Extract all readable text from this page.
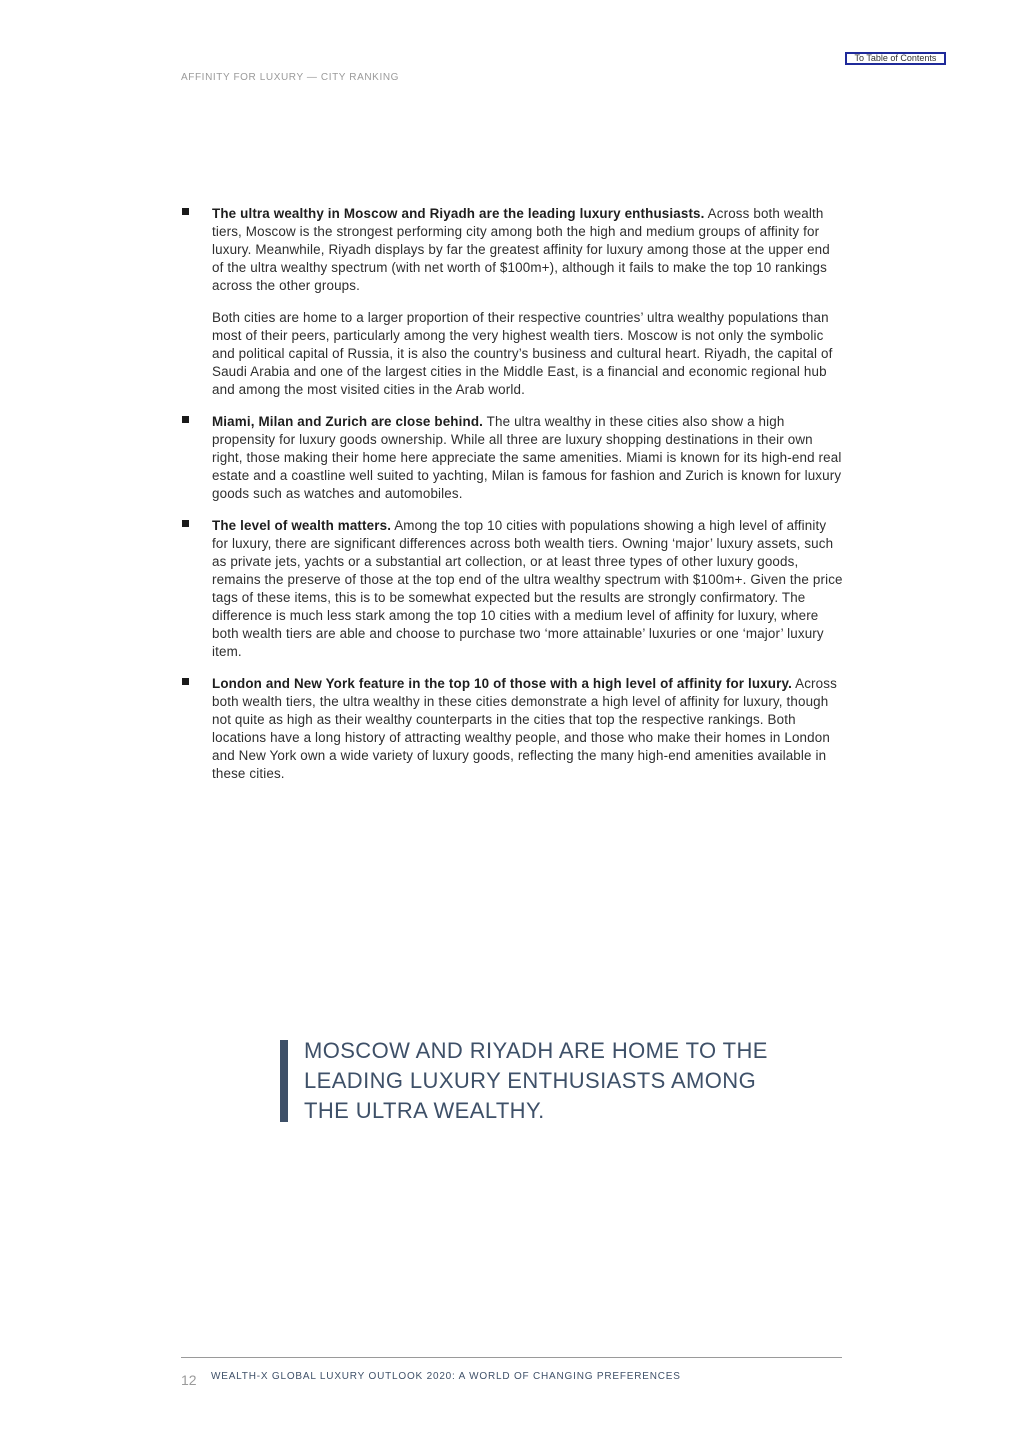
To Table of Contents
AFFINITY FOR LUXURY — CITY RANKING

The ultra wealthy in Moscow and Riyadh are the leading luxury enthusiasts. Across both wealth tiers, Moscow is the strongest performing city among both the high and medium groups of affinity for luxury. Meanwhile, Riyadh displays by far the greatest affinity for luxury among those at the upper end of the ultra wealthy spectrum (with net worth of $100m+), although it fails to make the top 10 rankings across the other groups.

Both cities are home to a larger proportion of their respective countries’ ultra wealthy populations than most of their peers, particularly among the very highest wealth tiers. Moscow is not only the symbolic and political capital of Russia, it is also the country’s business and cultural heart. Riyadh, the capital of Saudi Arabia and one of the largest cities in the Middle East, is a financial and economic regional hub and among the most visited cities in the Arab world.

Miami, Milan and Zurich are close behind. The ultra wealthy in these cities also show a high propensity for luxury goods ownership. While all three are luxury shopping destinations in their own right, those making their home here appreciate the same amenities. Miami is known for its high-end real estate and a coastline well suited to yachting, Milan is famous for fashion and Zurich is known for luxury goods such as watches and automobiles.

The level of wealth matters. Among the top 10 cities with populations showing a high level of affinity for luxury, there are significant differences across both wealth tiers. Owning ‘major’ luxury assets, such as private jets, yachts or a substantial art collection, or at least three types of other luxury goods, remains the preserve of those at the top end of the ultra wealthy spectrum with $100m+. Given the price tags of these items, this is to be somewhat expected but the results are strongly confirmatory. The difference is much less stark among the top 10 cities with a medium level of affinity for luxury, where both wealth tiers are able and choose to purchase two ‘more attainable’ luxuries or one ‘major’ luxury item.

London and New York feature in the top 10 of those with a high level of affinity for luxury. Across both wealth tiers, the ultra wealthy in these cities demonstrate a high level of affinity for luxury, though not quite as high as their wealthy counterparts in the cities that top the respective rankings. Both locations have a long history of attracting wealthy people, and those who make their homes in London and New York own a wide variety of luxury goods, reflecting the many high-end amenities available in these cities.

MOSCOW AND RIYADH ARE HOME TO THE LEADING LUXURY ENTHUSIASTS AMONG THE ULTRA WEALTHY.
12 WEALTH-X GLOBAL LUXURY OUTLOOK 2020: A WORLD OF CHANGING PREFERENCES
